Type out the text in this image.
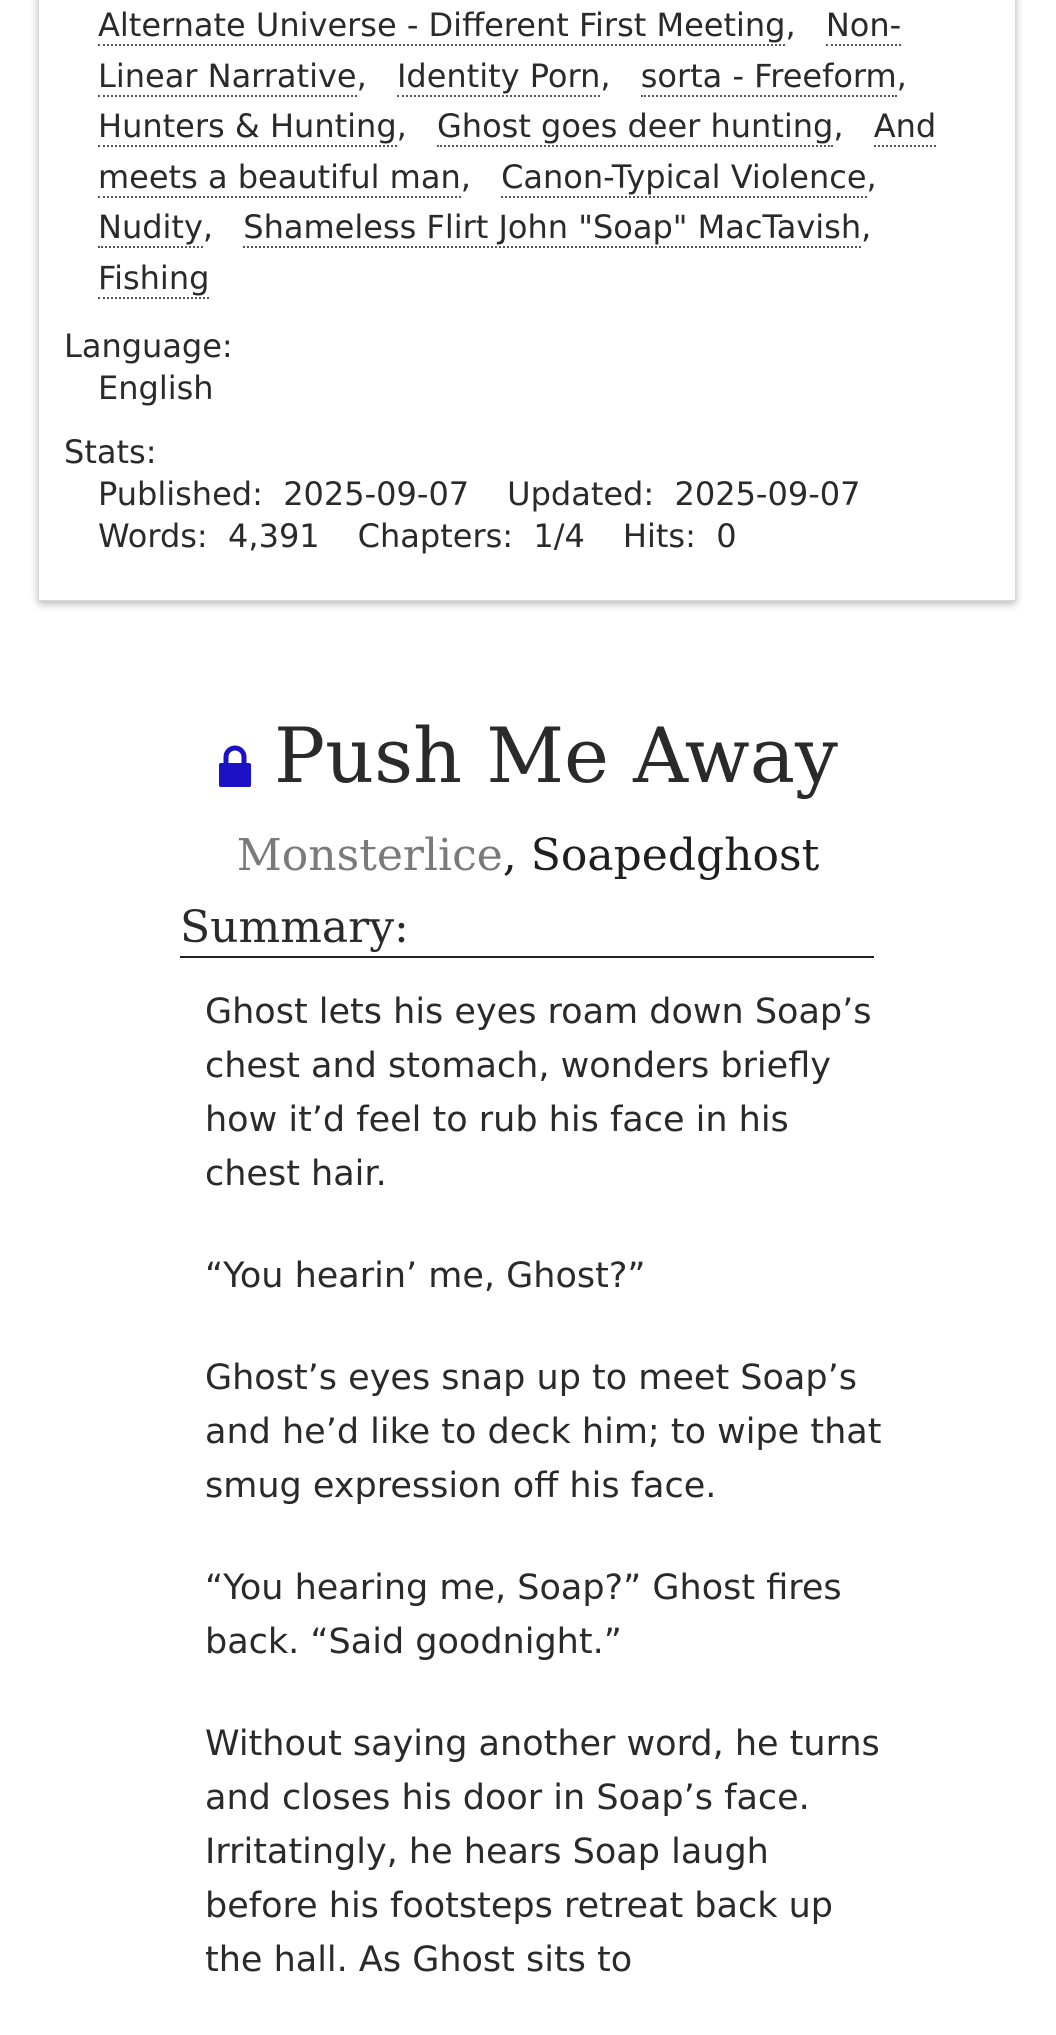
Alternate Universe - Different First Meeting, Non-Linear Narrative, Identity Porn, sorta - Freeform, Hunters & Hunting, Ghost goes deer hunting, And meets a beautiful man, Canon-Typical Violence, Nudity, Shameless Flirt John "Soap" MacTavish, Fishing
Language:
English
Stats:
Published: 2025-09-07 Updated: 2025-09-07
Words: 4,391 Chapters: 1/4 Hits: 0
Push Me Away
Monsterlice, Soapedghost
Summary:

Ghost lets his eyes roam down Soap’s chest and stomach, wonders briefly how it’d feel to rub his face in his chest hair.

“You hearin’ me, Ghost?”

Ghost’s eyes snap up to meet Soap’s and he’d like to deck him; to wipe that smug expression off his face.

“You hearing me, Soap?” Ghost fires back. “Said goodnight.”

Without saying another word, he turns and closes his door in Soap’s face. Irritatingly, he hears Soap laugh before his footsteps retreat back up the hall. As Ghost sits to
